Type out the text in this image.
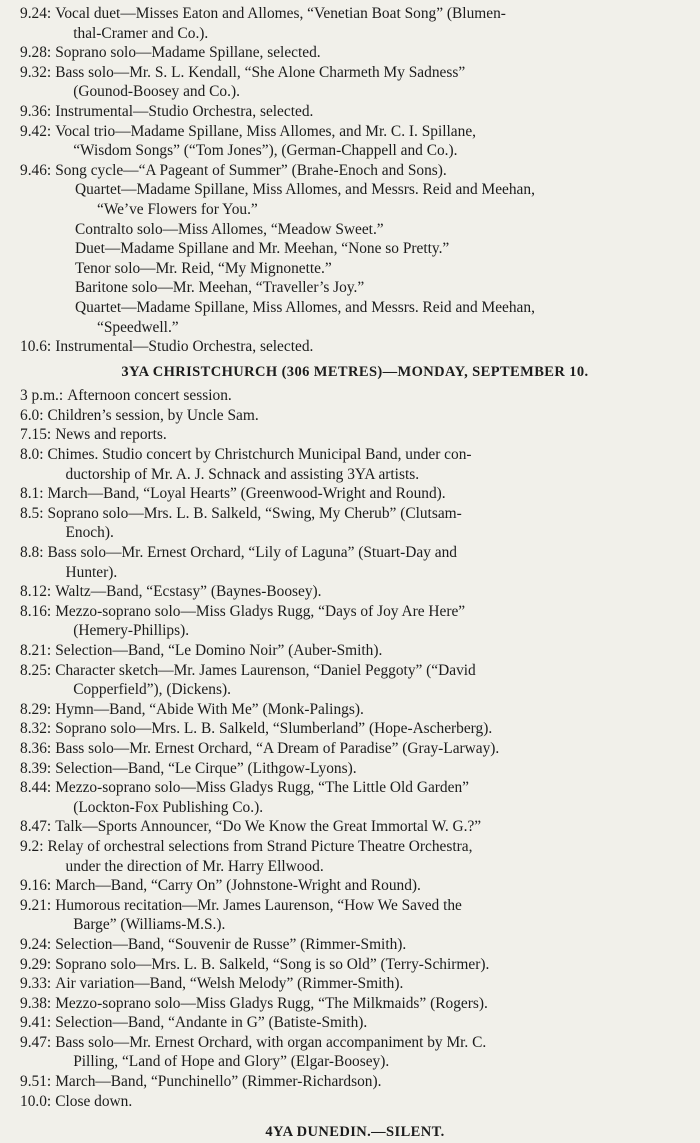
9.24: Vocal duet—Misses Eaton and Allomes, “Venetian Boat Song” (Blumen-

thal-Cramer and Co.).
9.28: Soprano solo—Madame Spillane, selected.
9.32: Bass solo—Mr. S. L. Kendall, “She Alone Charmeth My Sadness”

(Gounod-Boosey and Co.).
9.36: Instrumental—Studio Orchestra, selected.
9.42: Vocal trio—Madame Spillane, Miss Allomes, and Mr. C. I. Spillane,

“Wisdom Songs” (“Tom Jones”), (German-Chappell and Co.).
9.46: Song cycle—“A Pageant of Summer” (Brahe-Enoch and Sons).
Quartet—Madame Spillane, Miss Allomes, and Messrs. Reid and Meehan,

“We’ve Flowers for You.”
Contralto solo—Miss Allomes, “Meadow Sweet.”
Duet—Madame Spillane and Mr. Meehan, “None so Pretty.”
Tenor solo—Mr. Reid, “My Mignonette.”
Baritone solo—Mr. Meehan, “Traveller’s Joy.”
Quartet—Madame Spillane, Miss Allomes, and Messrs. Reid and Meehan,

“Speedwell.”
10.6: Instrumental—Studio Orchestra, selected.
3YA CHRISTCHURCH (306 METRES)—MONDAY, SEPTEMBER 10.
3 p.m.: Afternoon concert session.
6.0: Children’s session, by Uncle Sam.
7.15: News and reports.
8.0: Chimes. Studio concert by Christchurch Municipal Band, under con-

ductorship of Mr. A. J. Schnack and assisting 3YA artists.
8.1: March—Band, “Loyal Hearts” (Greenwood-Wright and Round).
8.5: Soprano solo—Mrs. L. B. Salkeld, “Swing, My Cherub” (Clutsam-

Enoch).
8.8: Bass solo—Mr. Ernest Orchard, “Lily of Laguna” (Stuart-Day and

Hunter).
8.12: Waltz—Band, “Ecstasy” (Baynes-Boosey).
8.16: Mezzo-soprano solo—Miss Gladys Rugg, “Days of Joy Are Here”

(Hemery-Phillips).
8.21: Selection—Band, “Le Domino Noir” (Auber-Smith).
8.25: Character sketch—Mr. James Laurenson, “Daniel Peggoty” (“David

Copperfield”), (Dickens).
8.29: Hymn—Band, “Abide With Me” (Monk-Palings).
8.32: Soprano solo—Mrs. L. B. Salkeld, “Slumberland” (Hope-Ascherberg).
8.36: Bass solo—Mr. Ernest Orchard, “A Dream of Paradise” (Gray-Larway).
8.39: Selection—Band, “Le Cirque” (Lithgow-Lyons).
8.44: Mezzo-soprano solo—Miss Gladys Rugg, “The Little Old Garden”

(Lockton-Fox Publishing Co.).
8.47: Talk—Sports Announcer, “Do We Know the Great Immortal W. G.?”
9.2: Relay of orchestral selections from Strand Picture Theatre Orchestra,

under the direction of Mr. Harry Ellwood.
9.16: March—Band, “Carry On” (Johnstone-Wright and Round).
9.21: Humorous recitation—Mr. James Laurenson, “How We Saved the

Barge” (Williams-M.S.).
9.24: Selection—Band, “Souvenir de Russe” (Rimmer-Smith).
9.29: Soprano solo—Mrs. L. B. Salkeld, “Song is so Old” (Terry-Schirmer).
9.33: Air variation—Band, “Welsh Melody” (Rimmer-Smith).
9.38: Mezzo-soprano solo—Miss Gladys Rugg, “The Milkmaids” (Rogers).
9.41: Selection—Band, “Andante in G” (Batiste-Smith).
9.47: Bass solo—Mr. Ernest Orchard, with organ accompaniment by Mr. C.

Pilling, “Land of Hope and Glory” (Elgar-Boosey).
9.51: March—Band, “Punchinello” (Rimmer-Richardson).
10.0: Close down.
4YA DUNEDIN.—SILENT.
